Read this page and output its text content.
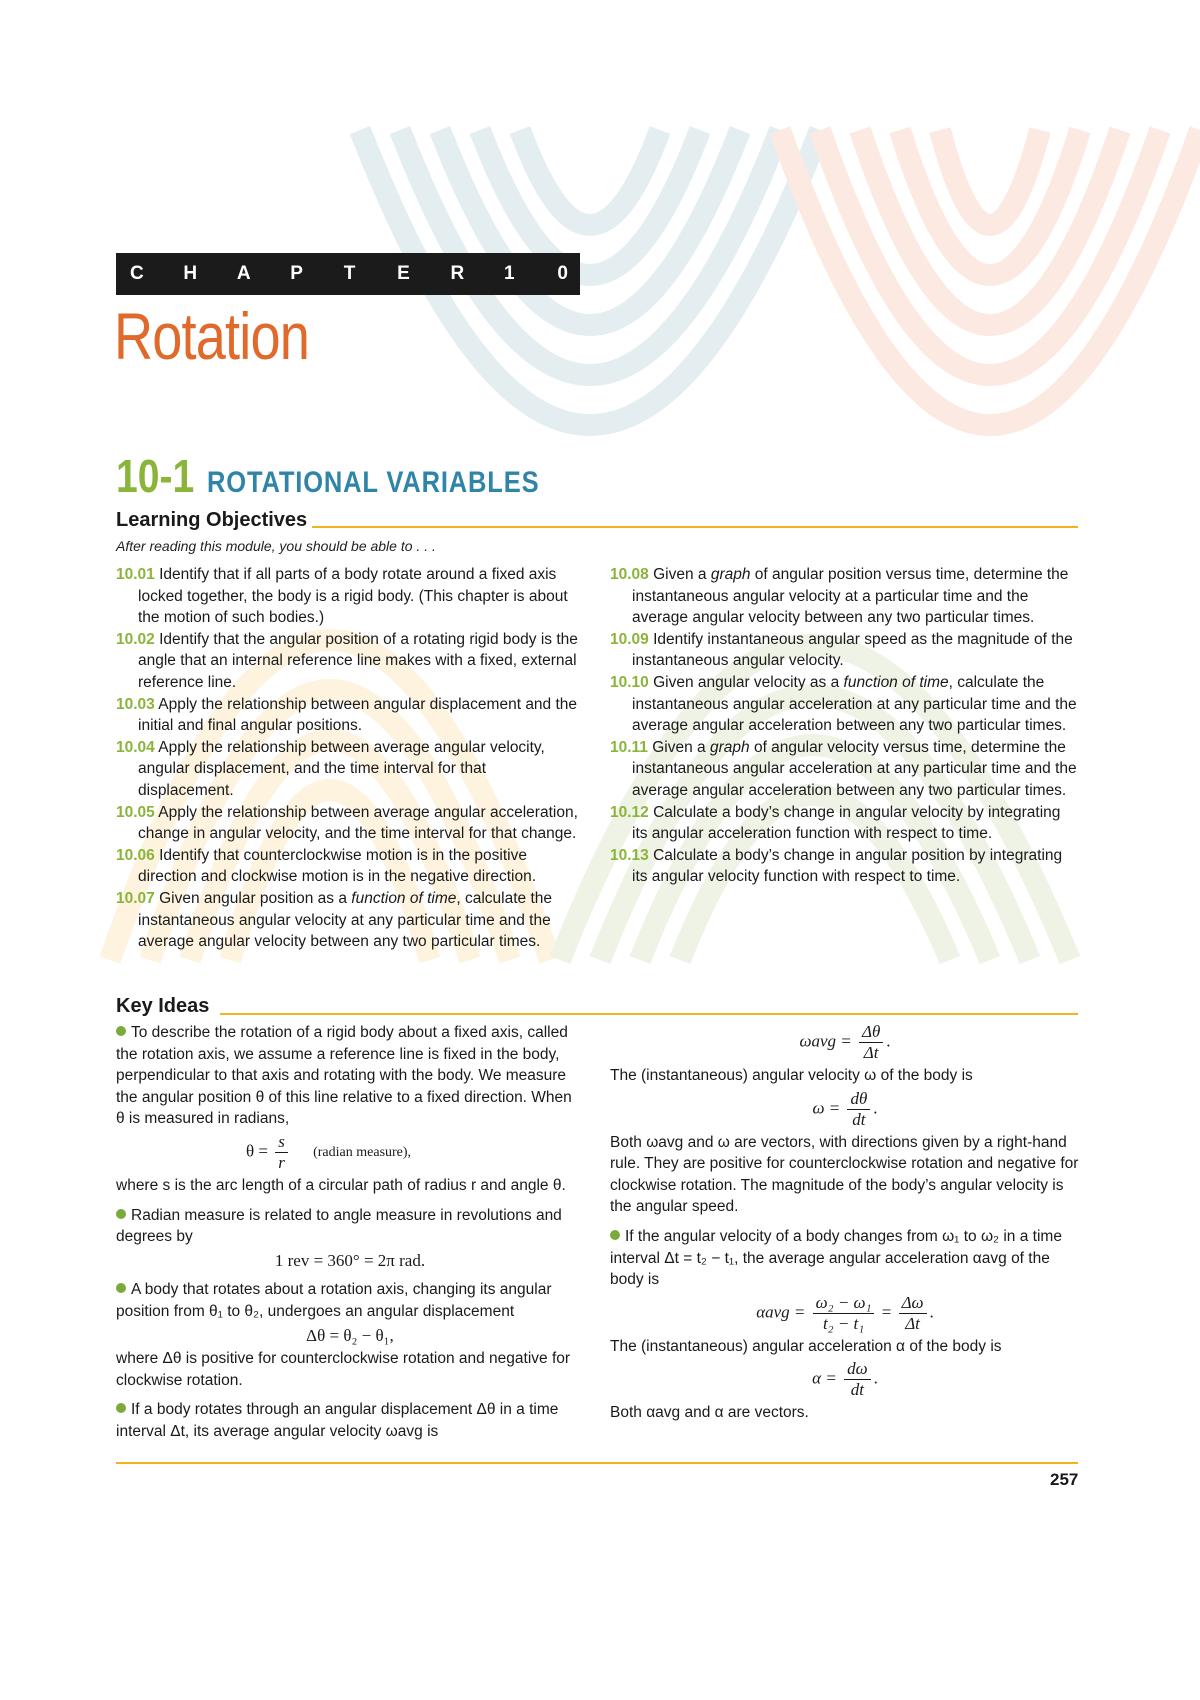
C	H	A	P	T	E	R	1	0
Rotation
10-1 ROTATIONAL VARIABLES
Learning Objectives
After reading this module, you should be able to . . .

10.01 Identify that if all parts of a body rotate around a fixed axis locked together, the body is a rigid body. (This chapter is about the motion of such bodies.)

10.02 Identify that the angular position of a rotating rigid body is the angle that an internal reference line makes with a fixed, external reference line.

10.03 Apply the relationship between angular displacement and the initial and final angular positions.

10.04 Apply the relationship between average angular velocity, angular displacement, and the time interval for that displacement.

10.05 Apply the relationship between average angular acceleration, change in angular velocity, and the time interval for that change.

10.06 Identify that counterclockwise motion is in the positive direction and clockwise motion is in the negative direction.

10.07 Given angular position as a function of time, calculate the instantaneous angular velocity at any particular time and the average angular velocity between any two particular times.

10.08 Given a graph of angular position versus time, determine the instantaneous angular velocity at a particular time and the average angular velocity between any two particular times.

10.09 Identify instantaneous angular speed as the magnitude of the instantaneous angular velocity.

10.10 Given angular velocity as a function of time, calculate the instantaneous angular acceleration at any particular time and the average angular acceleration between any two particular times.

10.11 Given a graph of angular velocity versus time, determine the instantaneous angular acceleration at any particular time and the average angular acceleration between any two particular times.

10.12 Calculate a body’s change in angular velocity by integrating its angular acceleration function with respect to time.

10.13 Calculate a body’s change in angular position by integrating its angular velocity function with respect to time.

Key Ideas

To describe the rotation of a rigid body about a fixed axis, called the rotation axis, we assume a reference line is fixed in the body, perpendicular to that axis and rotating with the body. We measure the angular position θ of this line relative to a fixed direction. When θ is measured in radians,

$\theta = \frac{s}{r}$ (radian measure),

where s is the arc length of a circular path of radius r and angle θ.

Radian measure is related to angle measure in revolutions and degrees by

1 rev = 360° = 2π rad.

A body that rotates about a rotation axis, changing its angular position from θ₁ to θ₂, undergoes an angular displacement

Δθ = θ₂ − θ₁,

where Δθ is positive for counterclockwise rotation and negative for clockwise rotation.

If a body rotates through an angular displacement Δθ in a time interval Δt, its average angular velocity ωavg is

$\omega avg = \frac{\Delta\theta}{\Delta t}$ .

The (instantaneous) angular velocity ω of the body is

$\omega = \frac{d\theta}{dt}$ .

Both ωavg and ω are vectors, with directions given by a right-hand rule. They are positive for counterclockwise rotation and negative for clockwise rotation. The magnitude of the body’s angular velocity is the angular speed.

If the angular velocity of a body changes from ω₁ to ω₂ in a time interval Δt = t₂ − t₁, the average angular acceleration αavg of the body is

$\alpha avg = \frac{\text{ω₂ − ω₁}}{\text{t₂ − t₁}} = \frac{\Delta\omega}{\Delta t}$ .

The (instantaneous) angular acceleration α of the body is

$\alpha = \frac{d\omega}{dt}$ .

Both αavg and α are vectors.

257
